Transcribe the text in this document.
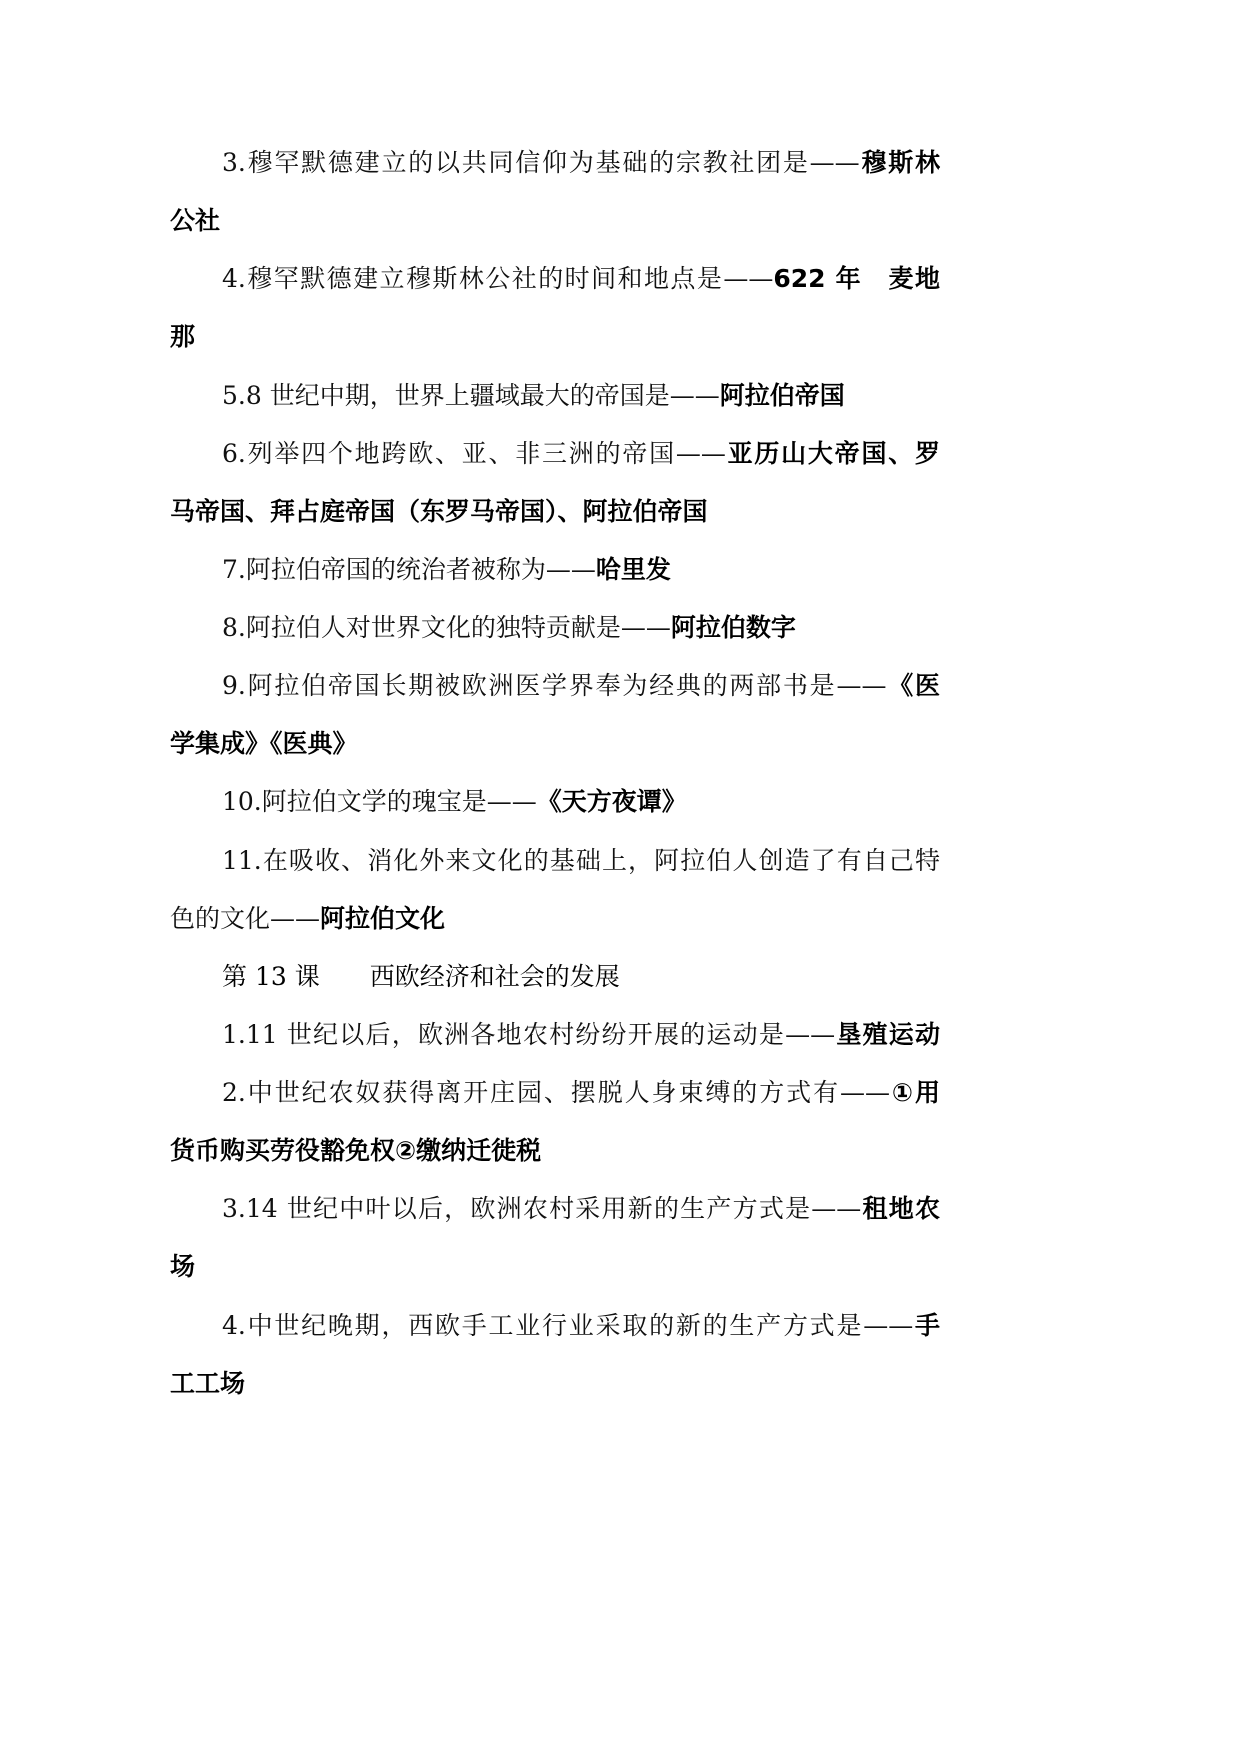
3.穆罕默德建立的以共同信仰为基础的宗教社团是——穆斯林
公社
4.穆罕默德建立穆斯林公社的时间和地点是——622 年　麦地
那
5.8 世纪中期，世界上疆域最大的帝国是——阿拉伯帝国
6.列举四个地跨欧、亚、非三洲的帝国——亚历山大帝国、罗
马帝国、拜占庭帝国（东罗马帝国）、阿拉伯帝国
7.阿拉伯帝国的统治者被称为——哈里发
8.阿拉伯人对世界文化的独特贡献是——阿拉伯数字
9.阿拉伯帝国长期被欧洲医学界奉为经典的两部书是——《医
学集成》《医典》
10.阿拉伯文学的瑰宝是——《天方夜谭》
11.在吸收、消化外来文化的基础上，阿拉伯人创造了有自己特
色的文化——阿拉伯文化
第 13 课　　西欧经济和社会的发展
1.11 世纪以后，欧洲各地农村纷纷开展的运动是——垦殖运动
2.中世纪农奴获得离开庄园、摆脱人身束缚的方式有——①用
货币购买劳役豁免权②缴纳迁徙税
3.14 世纪中叶以后，欧洲农村采用新的生产方式是——租地农
场
4.中世纪晚期，西欧手工业行业采取的新的生产方式是——手
工工场
